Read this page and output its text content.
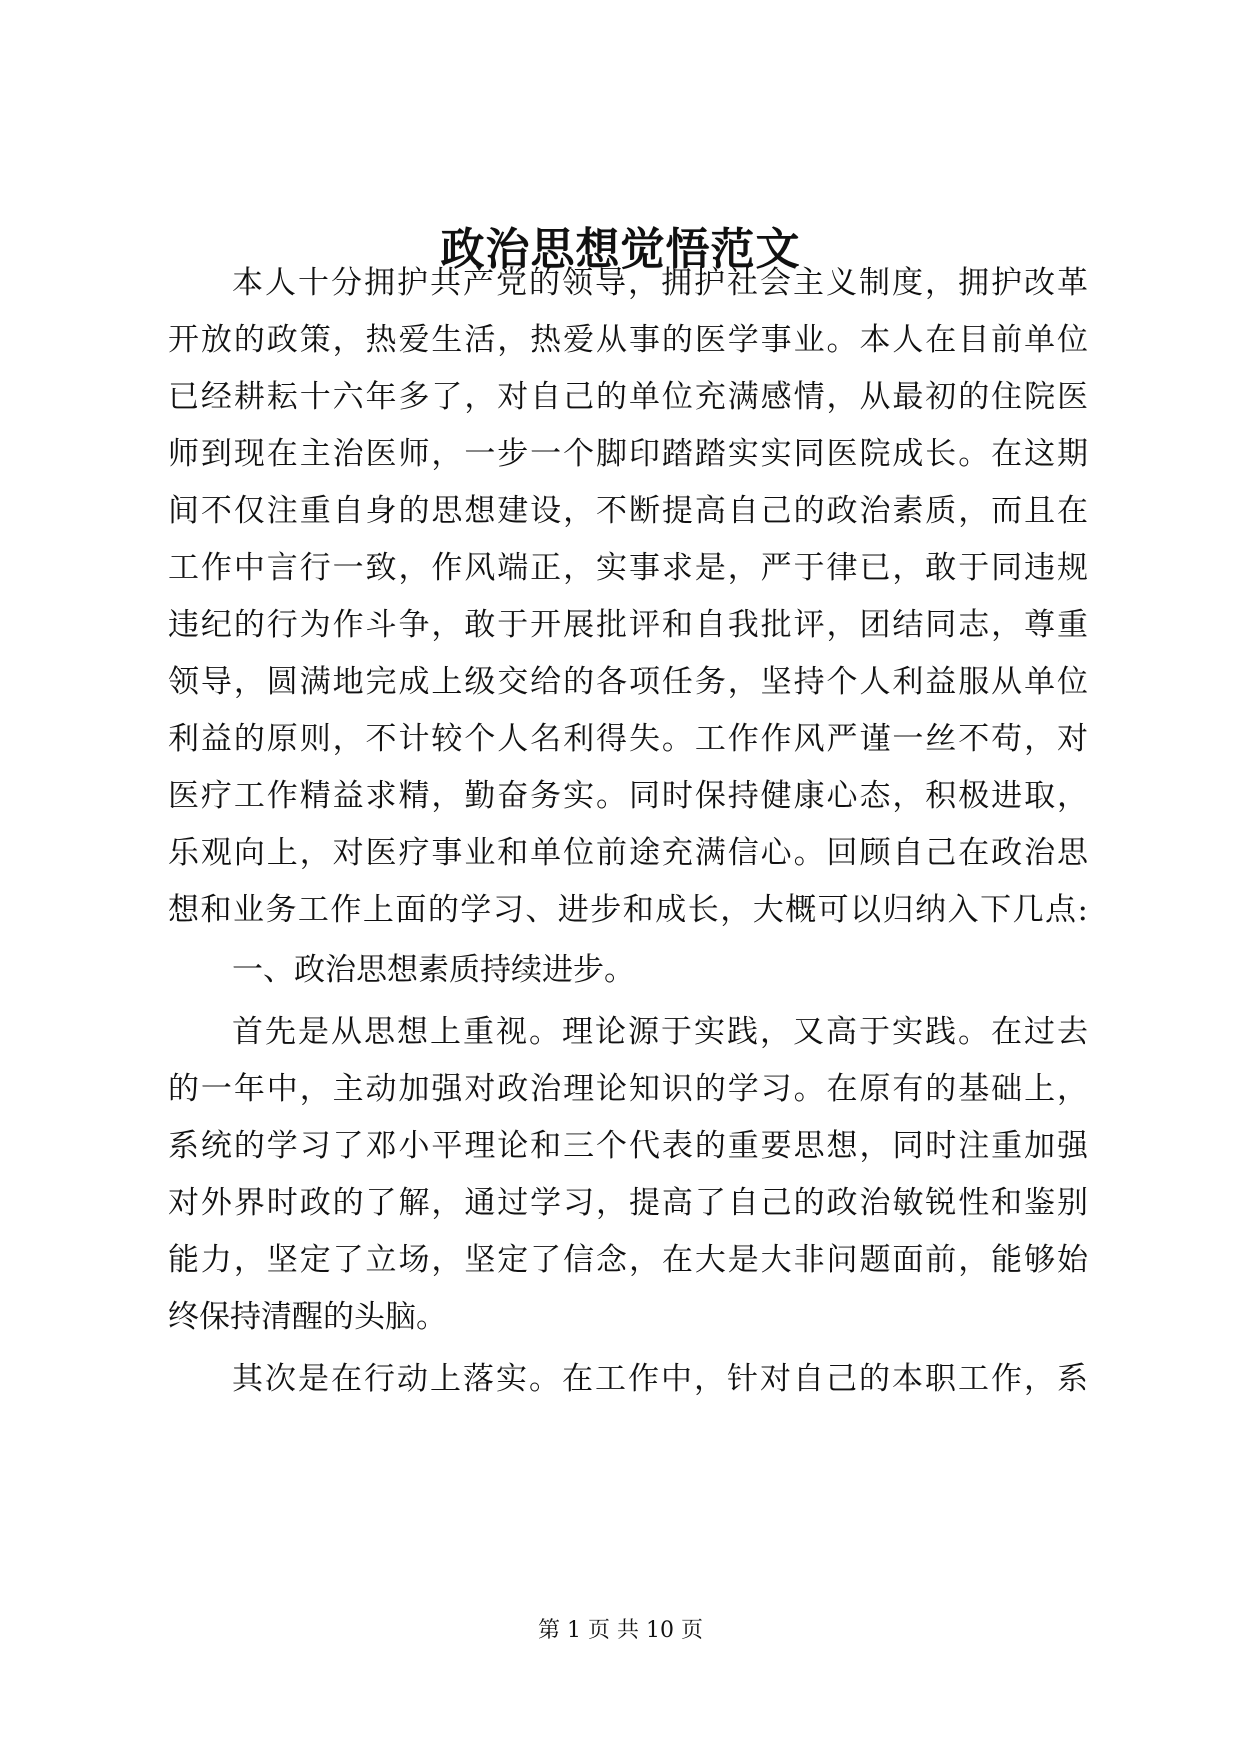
政治思想觉悟范文
本人十分拥护共产党的领导，拥护社会主义制度，拥护改革
开放的政策，热爱生活，热爱从事的医学事业。本人在目前单位
已经耕耘十六年多了，对自己的单位充满感情，从最初的住院医
师到现在主治医师，一步一个脚印踏踏实实同医院成长。在这期
间不仅注重自身的思想建设，不断提高自己的政治素质，而且在
工作中言行一致，作风端正，实事求是，严于律已，敢于同违规
违纪的行为作斗争，敢于开展批评和自我批评，团结同志，尊重
领导，圆满地完成上级交给的各项任务，坚持个人利益服从单位
利益的原则，不计较个人名利得失。工作作风严谨一丝不苟，对
医疗工作精益求精，勤奋务实。同时保持健康心态，积极进取，
乐观向上，对医疗事业和单位前途充满信心。回顾自己在政治思
想和业务工作上面的学习、进步和成长，大概可以归纳入下几点:
一、政治思想素质持续进步。
首先是从思想上重视。理论源于实践，又高于实践。在过去
的一年中，主动加强对政治理论知识的学习。在原有的基础上，
系统的学习了邓小平理论和三个代表的重要思想，同时注重加强
对外界时政的了解，通过学习，提高了自己的政治敏锐性和鉴别
能力，坚定了立场，坚定了信念，在大是大非问题面前，能够始
终保持清醒的头脑。
其次是在行动上落实。在工作中，针对自己的本职工作，系
第 1 页 共 10 页
